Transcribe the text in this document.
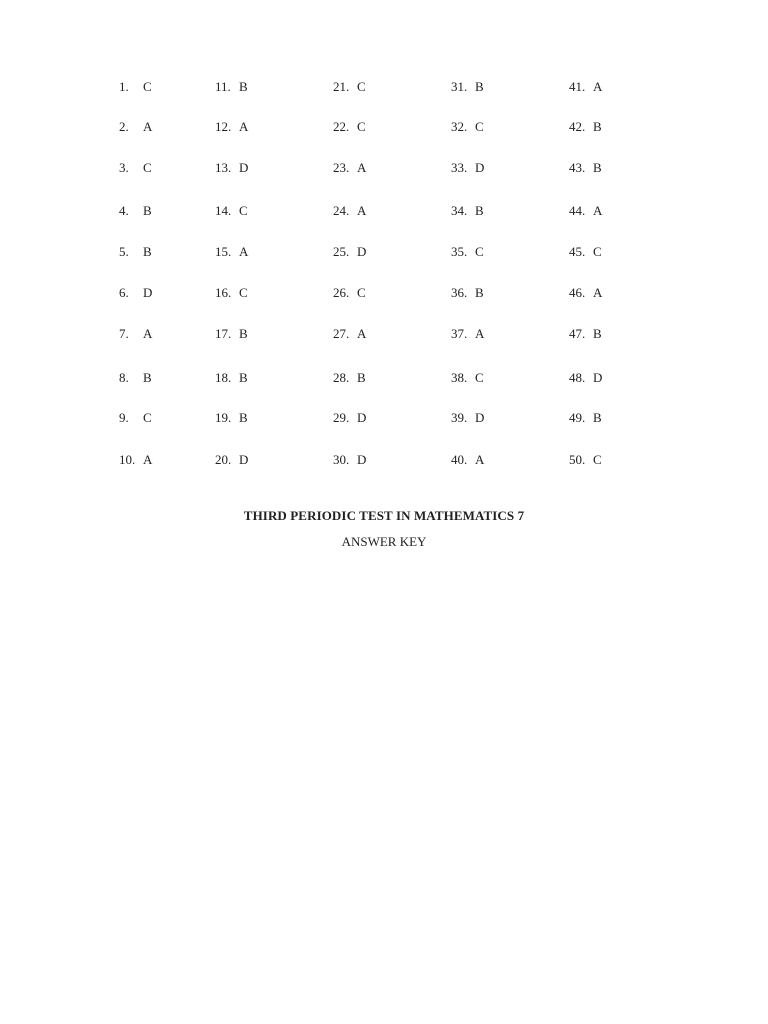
1. C
2. A
3. C
4. B
5. B
6. D
7. A
8. B
9. C
10. A
11. B
12. A
13. D
14. C
15. A
16. C
17. B
18. B
19. B
20. D
21. C
22. C
23. A
24. A
25. D
26. C
27. A
28. B
29. D
30. D
31. B
32. C
33. D
34. B
35. C
36. B
37. A
38. C
39. D
40. A
41. A
42. B
43. B
44. A
45. C
46. A
47. B
48. D
49. B
50. C
THIRD PERIODIC TEST IN MATHEMATICS 7
ANSWER KEY
